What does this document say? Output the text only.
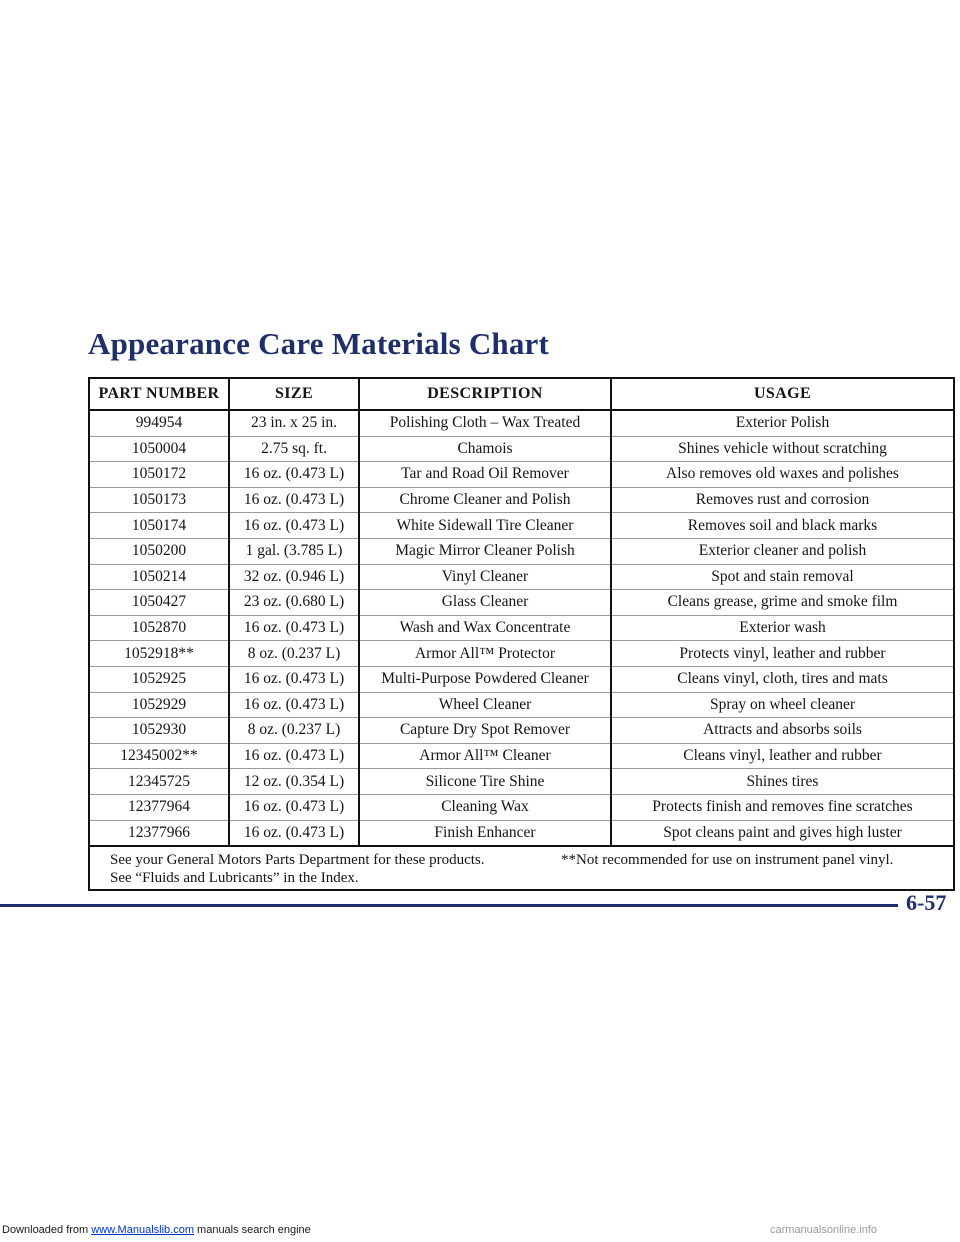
Appearance Care Materials Chart
PART NUMBER	SIZE	DESCRIPTION	USAGE
994954	23 in. x 25 in.	Polishing Cloth – Wax Treated	Exterior Polish
1050004	2.75 sq. ft.	Chamois	Shines vehicle without scratching
1050172	16 oz. (0.473 L)	Tar and Road Oil Remover	Also removes old waxes and polishes
1050173	16 oz. (0.473 L)	Chrome Cleaner and Polish	Removes rust and corrosion
1050174	16 oz. (0.473 L)	White Sidewall Tire Cleaner	Removes soil and black marks
1050200	1 gal. (3.785 L)	Magic Mirror Cleaner Polish	Exterior cleaner and polish
1050214	32 oz. (0.946 L)	Vinyl Cleaner	Spot and stain removal
1050427	23 oz. (0.680 L)	Glass Cleaner	Cleans grease, grime and smoke film
1052870	16 oz. (0.473 L)	Wash and Wax Concentrate	Exterior wash
1052918**	8 oz. (0.237 L)	Armor All™ Protector	Protects vinyl, leather and rubber
1052925	16 oz. (0.473 L)	Multi-Purpose Powdered Cleaner	Cleans vinyl, cloth, tires and mats
1052929	16 oz. (0.473 L)	Wheel Cleaner	Spray on wheel cleaner
1052930	8 oz. (0.237 L)	Capture Dry Spot Remover	Attracts and absorbs soils
12345002**	16 oz. (0.473 L)	Armor All™ Cleaner	Cleans vinyl, leather and rubber
12345725	12 oz. (0.354 L)	Silicone Tire Shine	Shines tires
12377964	16 oz. (0.473 L)	Cleaning Wax	Protects finish and removes fine scratches
12377966	16 oz. (0.473 L)	Finish Enhancer	Spot cleans paint and gives high luster
See your General Motors Parts Department for these products.
See “Fluids and Lubricants” in the Index.
**Not recommended for use on instrument panel vinyl.
6-57
Downloaded from www.Manualslib.com manuals search engine	carmanualsonline.info
